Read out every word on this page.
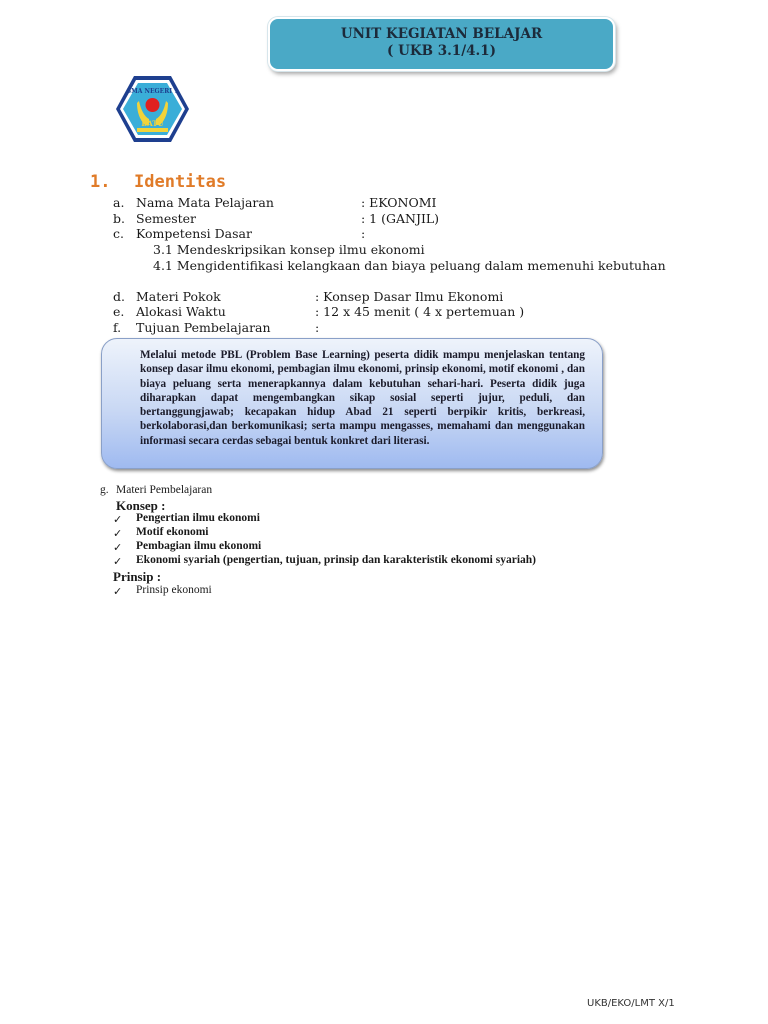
UNIT KEGIATAN BELAJAR
( UKB 3.1/4.1)
BATU
SMA NEGERI 1
1. Identitas
a. Nama Mata Pelajaran	: EKONOMI
b. Semester	: 1 (GANJIL)
c. Kompetensi Dasar	:
3.1 Mendeskripsikan konsep ilmu ekonomi
4.1 Mengidentifikasi kelangkaan dan biaya peluang dalam memenuhi kebutuhan
d. Materi Pokok	: Konsep Dasar Ilmu Ekonomi
e. Alokasi Waktu	: 12 x 45 menit ( 4 x pertemuan )
f. Tujuan Pembelajaran	:

Melalui metode PBL (Problem Base Learning) peserta didik mampu menjelaskan tentang konsep dasar ilmu ekonomi, pembagian ilmu ekonomi, prinsip ekonomi, motif ekonomi , dan biaya peluang serta menerapkannya dalam kebutuhan sehari-hari. Peserta didik juga diharapkan dapat mengembangkan sikap sosial seperti jujur, peduli, dan bertanggungjawab; kecapakan hidup Abad 21 seperti berpikir kritis, berkreasi, berkolaborasi,dan berkomunikasi; serta mampu mengasses, memahami dan menggunakan informasi secara cerdas sebagai bentuk konkret dari literasi.

g. Materi Pembelajaran
Konsep :
✓ Pengertian ilmu ekonomi
✓ Motif ekonomi
✓ Pembagian ilmu ekonomi
✓ Ekonomi syariah (pengertian, tujuan, prinsip dan karakteristik ekonomi syariah)
Prinsip :
✓ Prinsip ekonomi
UKB/EKO/LMT X/1
